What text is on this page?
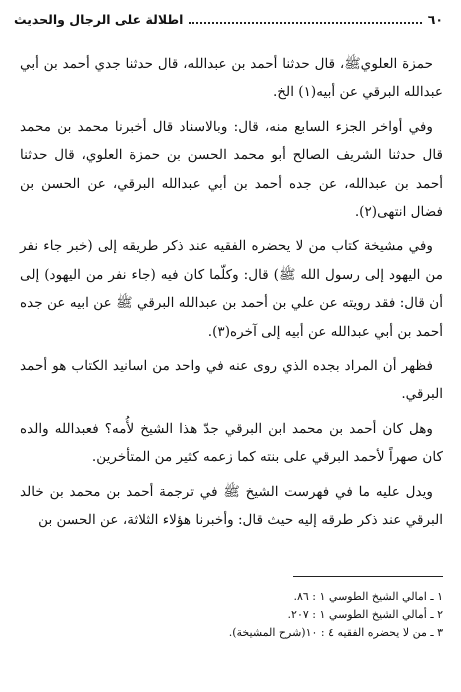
٦٠
اطلالة على الرجال والحديث

حمزة العلويﷺ، قال حدثنا أحمد بن عبدالله، قال حدثنا جدي أحمد بن أبي عبدالله البرقي عن أبيه(١) الخ.

وفي أواخر الجزء السابع منه، قال: وبالاسناد قال أخبرنا محمد بن محمد قال حدثنا الشريف الصالح أبو محمد الحسن بن حمزة العلوي، قال حدثنا أحمد بن عبدالله، عن جده أحمد بن أبي عبدالله البرقي، عن الحسن بن فضال انتهى(٢).

وفي مشيخة كتاب من لا يحضره الفقيه عند ذكر طريقه إلى (خبر جاء نفر من اليهود إلى رسول الله ﷺ) قال: وكلّما كان فيه (جاء نفر من اليهود) إلى أن قال: فقد رويته عن علي بن أحمد بن عبدالله البرقي ﷺ عن ابيه عن جده أحمد بن أبي عبدالله عن أبيه إلى آخره(٣).

فظهر أن المراد بجده الذي روى عنه في واحد من اسانيد الكتاب هو أحمد البرقي.

وهل كان أحمد بن محمد ابن البرقي جدّ هذا الشيخ لأُمه؟ فعبدالله والده كان صهراً لأحمد البرقي على بنته كما زعمه كثير من المتأخرين.

ويدل عليه ما في فهرست الشيخ ﷺ في ترجمة أحمد بن محمد بن خالد البرقي عند ذكر طرقه إليه حيث قال: وأخبرنا هؤلاء الثلاثة، عن الحسن بن

١ ـ امالي الشيخ الطوسي ١ : ٨٦.

٢ ـ أمالي الشيخ الطوسي ١ : ٢٠٧.

٣ ـ من لا يحضره الفقيه ٤ : ١٠(شرح المشيخة).
